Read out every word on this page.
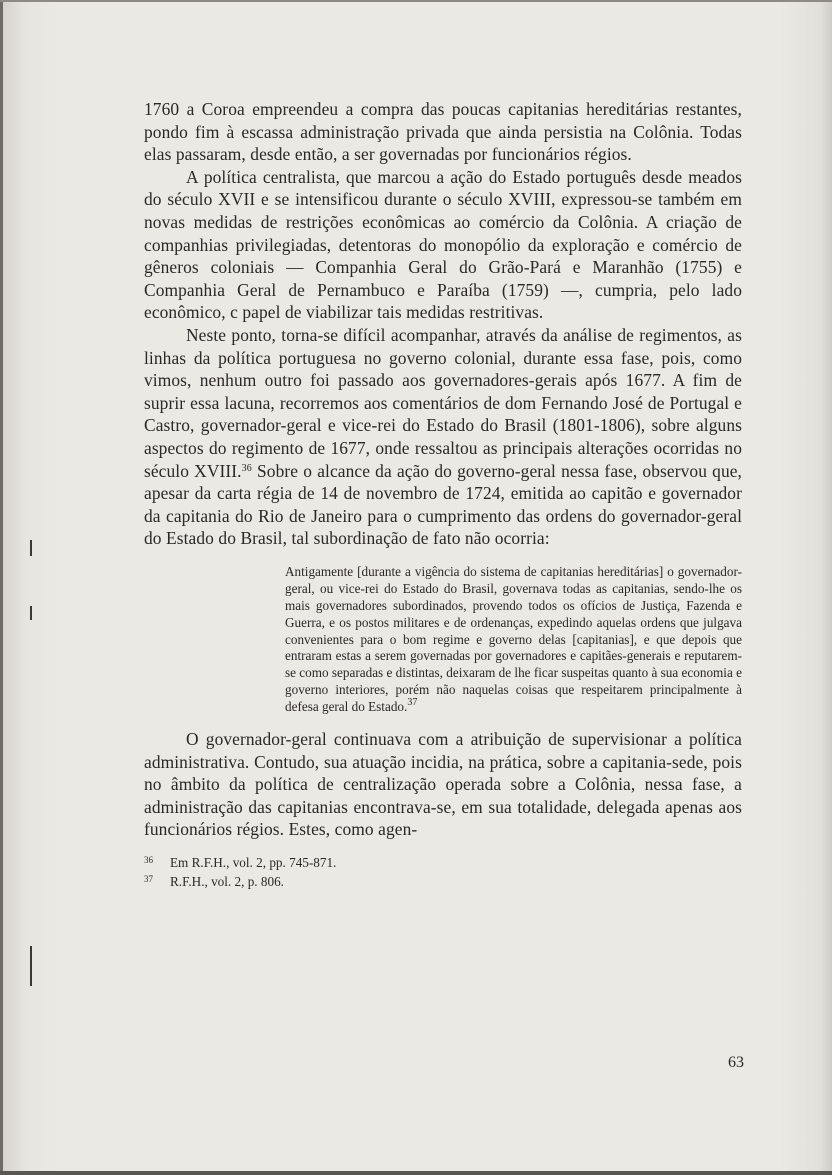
1760 a Coroa empreendeu a compra das poucas capitanias hereditárias restantes, pondo fim à escassa administração privada que ainda persistia na Colônia. Todas elas passaram, desde então, a ser governadas por funcionários régios.

A política centralista, que marcou a ação do Estado português desde meados do século XVII e se intensificou durante o século XVIII, expressou-se também em novas medidas de restrições econômicas ao comércio da Colônia. A criação de companhias privilegiadas, detentoras do monopólio da exploração e comércio de gêneros coloniais — Companhia Geral do Grão-Pará e Maranhão (1755) e Companhia Geral de Pernambuco e Paraíba (1759) —, cumpria, pelo lado econômico, c papel de viabilizar tais medidas restritivas.

Neste ponto, torna-se difícil acompanhar, através da análise de regimentos, as linhas da política portuguesa no governo colonial, durante essa fase, pois, como vimos, nenhum outro foi passado aos governadores-gerais após 1677. A fim de suprir essa lacuna, recorremos aos comentários de dom Fernando José de Portugal e Castro, governador-geral e vice-rei do Estado do Brasil (1801-1806), sobre alguns aspectos do regimento de 1677, onde ressaltou as principais alterações ocorridas no século XVIII.$^{36}$ Sobre o alcance da ação do governo-geral nessa fase, observou que, apesar da carta régia de 14 de novembro de 1724, emitida ao capitão e governador da capitania do Rio de Janeiro para o cumprimento das ordens do governador-geral do Estado do Brasil, tal subordinação de fato não ocorria:

Antigamente [durante a vigência do sistema de capitanias hereditárias] o governador-geral, ou vice-rei do Estado do Brasil, governava todas as capitanias, sendo-lhe os mais governadores subordinados, provendo todos os ofícios de Justiça, Fazenda e Guerra, e os postos militares e de ordenanças, expedindo aquelas ordens que julgava convenientes para o bom regime e governo delas [capitanias], e que depois que entraram estas a serem governadas por governadores e capitães-generais e reputarem-se como separadas e distintas, deixaram de lhe ficar suspeitas quanto à sua economia e governo interiores, porém não naquelas coisas que respeitarem principalmente à defesa geral do Estado.$^{37}$

O governador-geral continuava com a atribuição de supervisionar a política administrativa. Contudo, sua atuação incidia, na prática, sobre a capitania-sede, pois no âmbito da política de centralização operada sobre a Colônia, nessa fase, a administração das capitanias encontrava-se, em sua totalidade, delegada apenas aos funcionários régios. Estes, como agen-

36	Em R.F.H., vol. 2, pp. 745-871.
37	R.F.H., vol. 2, p. 806.
63
